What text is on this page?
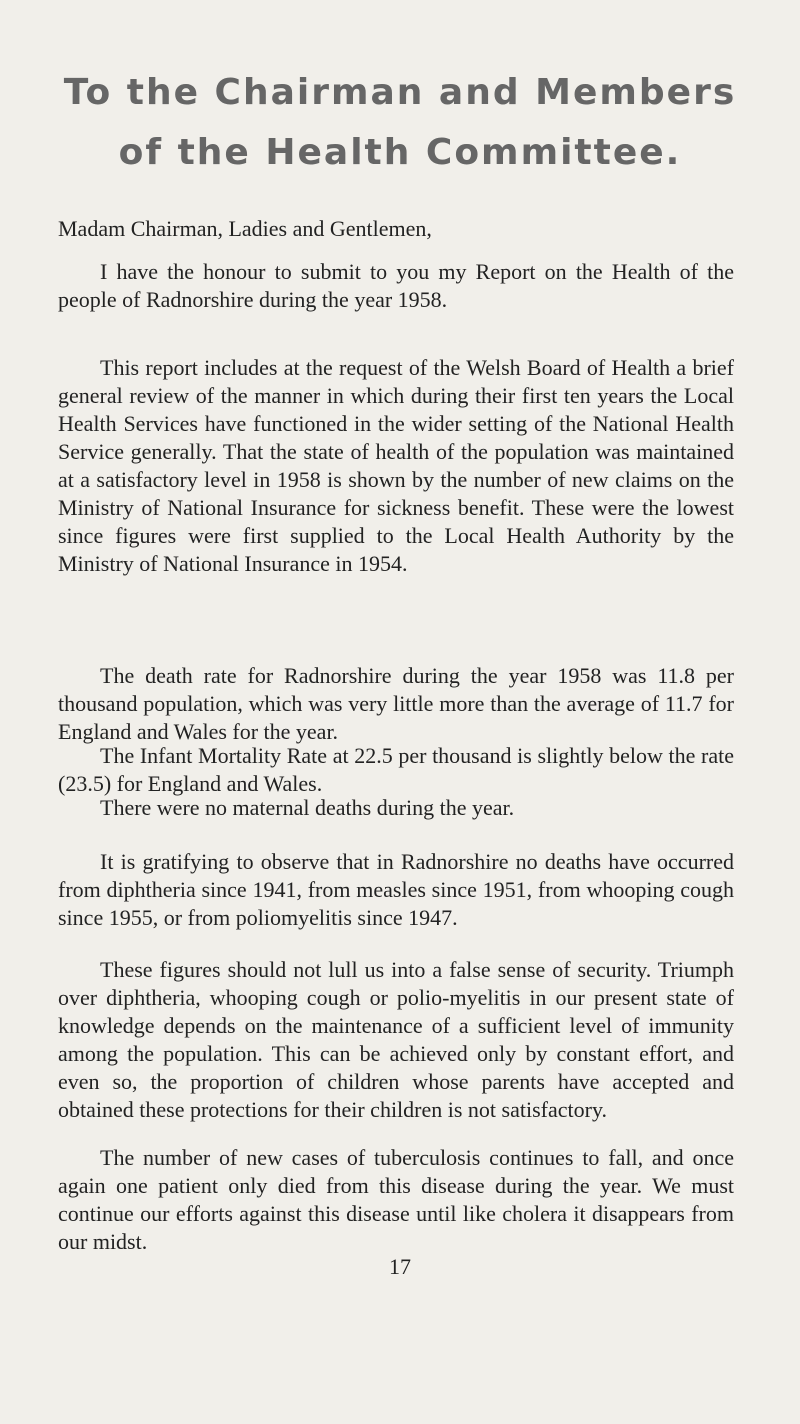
To the Chairman and Members
of the Health Committee.
Madam Chairman, Ladies and Gentlemen,

I have the honour to submit to you my Report on the Health of the people of Radnorshire during the year 1958.

This report includes at the request of the Welsh Board of Health a brief general review of the manner in which during their first ten years the Local Health Services have functioned in the wider setting of the National Health Service generally. That the state of health of the population was maintained at a satisfactory level in 1958 is shown by the number of new claims on the Ministry of National Insurance for sickness benefit. These were the lowest since figures were first supplied to the Local Health Authority by the Ministry of National Insurance in 1954.

The death rate for Radnorshire during the year 1958 was 11.8 per thousand population, which was very little more than the average of 11.7 for England and Wales for the year.

The Infant Mortality Rate at 22.5 per thousand is slightly below the rate (23.5) for England and Wales.

There were no maternal deaths during the year.

It is gratifying to observe that in Radnorshire no deaths have occurred from diphtheria since 1941, from measles since 1951, from whooping cough since 1955, or from poliomyelitis since 1947.

These figures should not lull us into a false sense of security. Triumph over diphtheria, whooping cough or polio-myelitis in our present state of knowledge depends on the maintenance of a sufficient level of immunity among the population. This can be achieved only by constant effort, and even so, the proportion of children whose parents have accepted and obtained these protections for their children is not satisfactory.

The number of new cases of tuberculosis continues to fall, and once again one patient only died from this disease during the year. We must continue our efforts against this disease until like cholera it disappears from our midst.

17
